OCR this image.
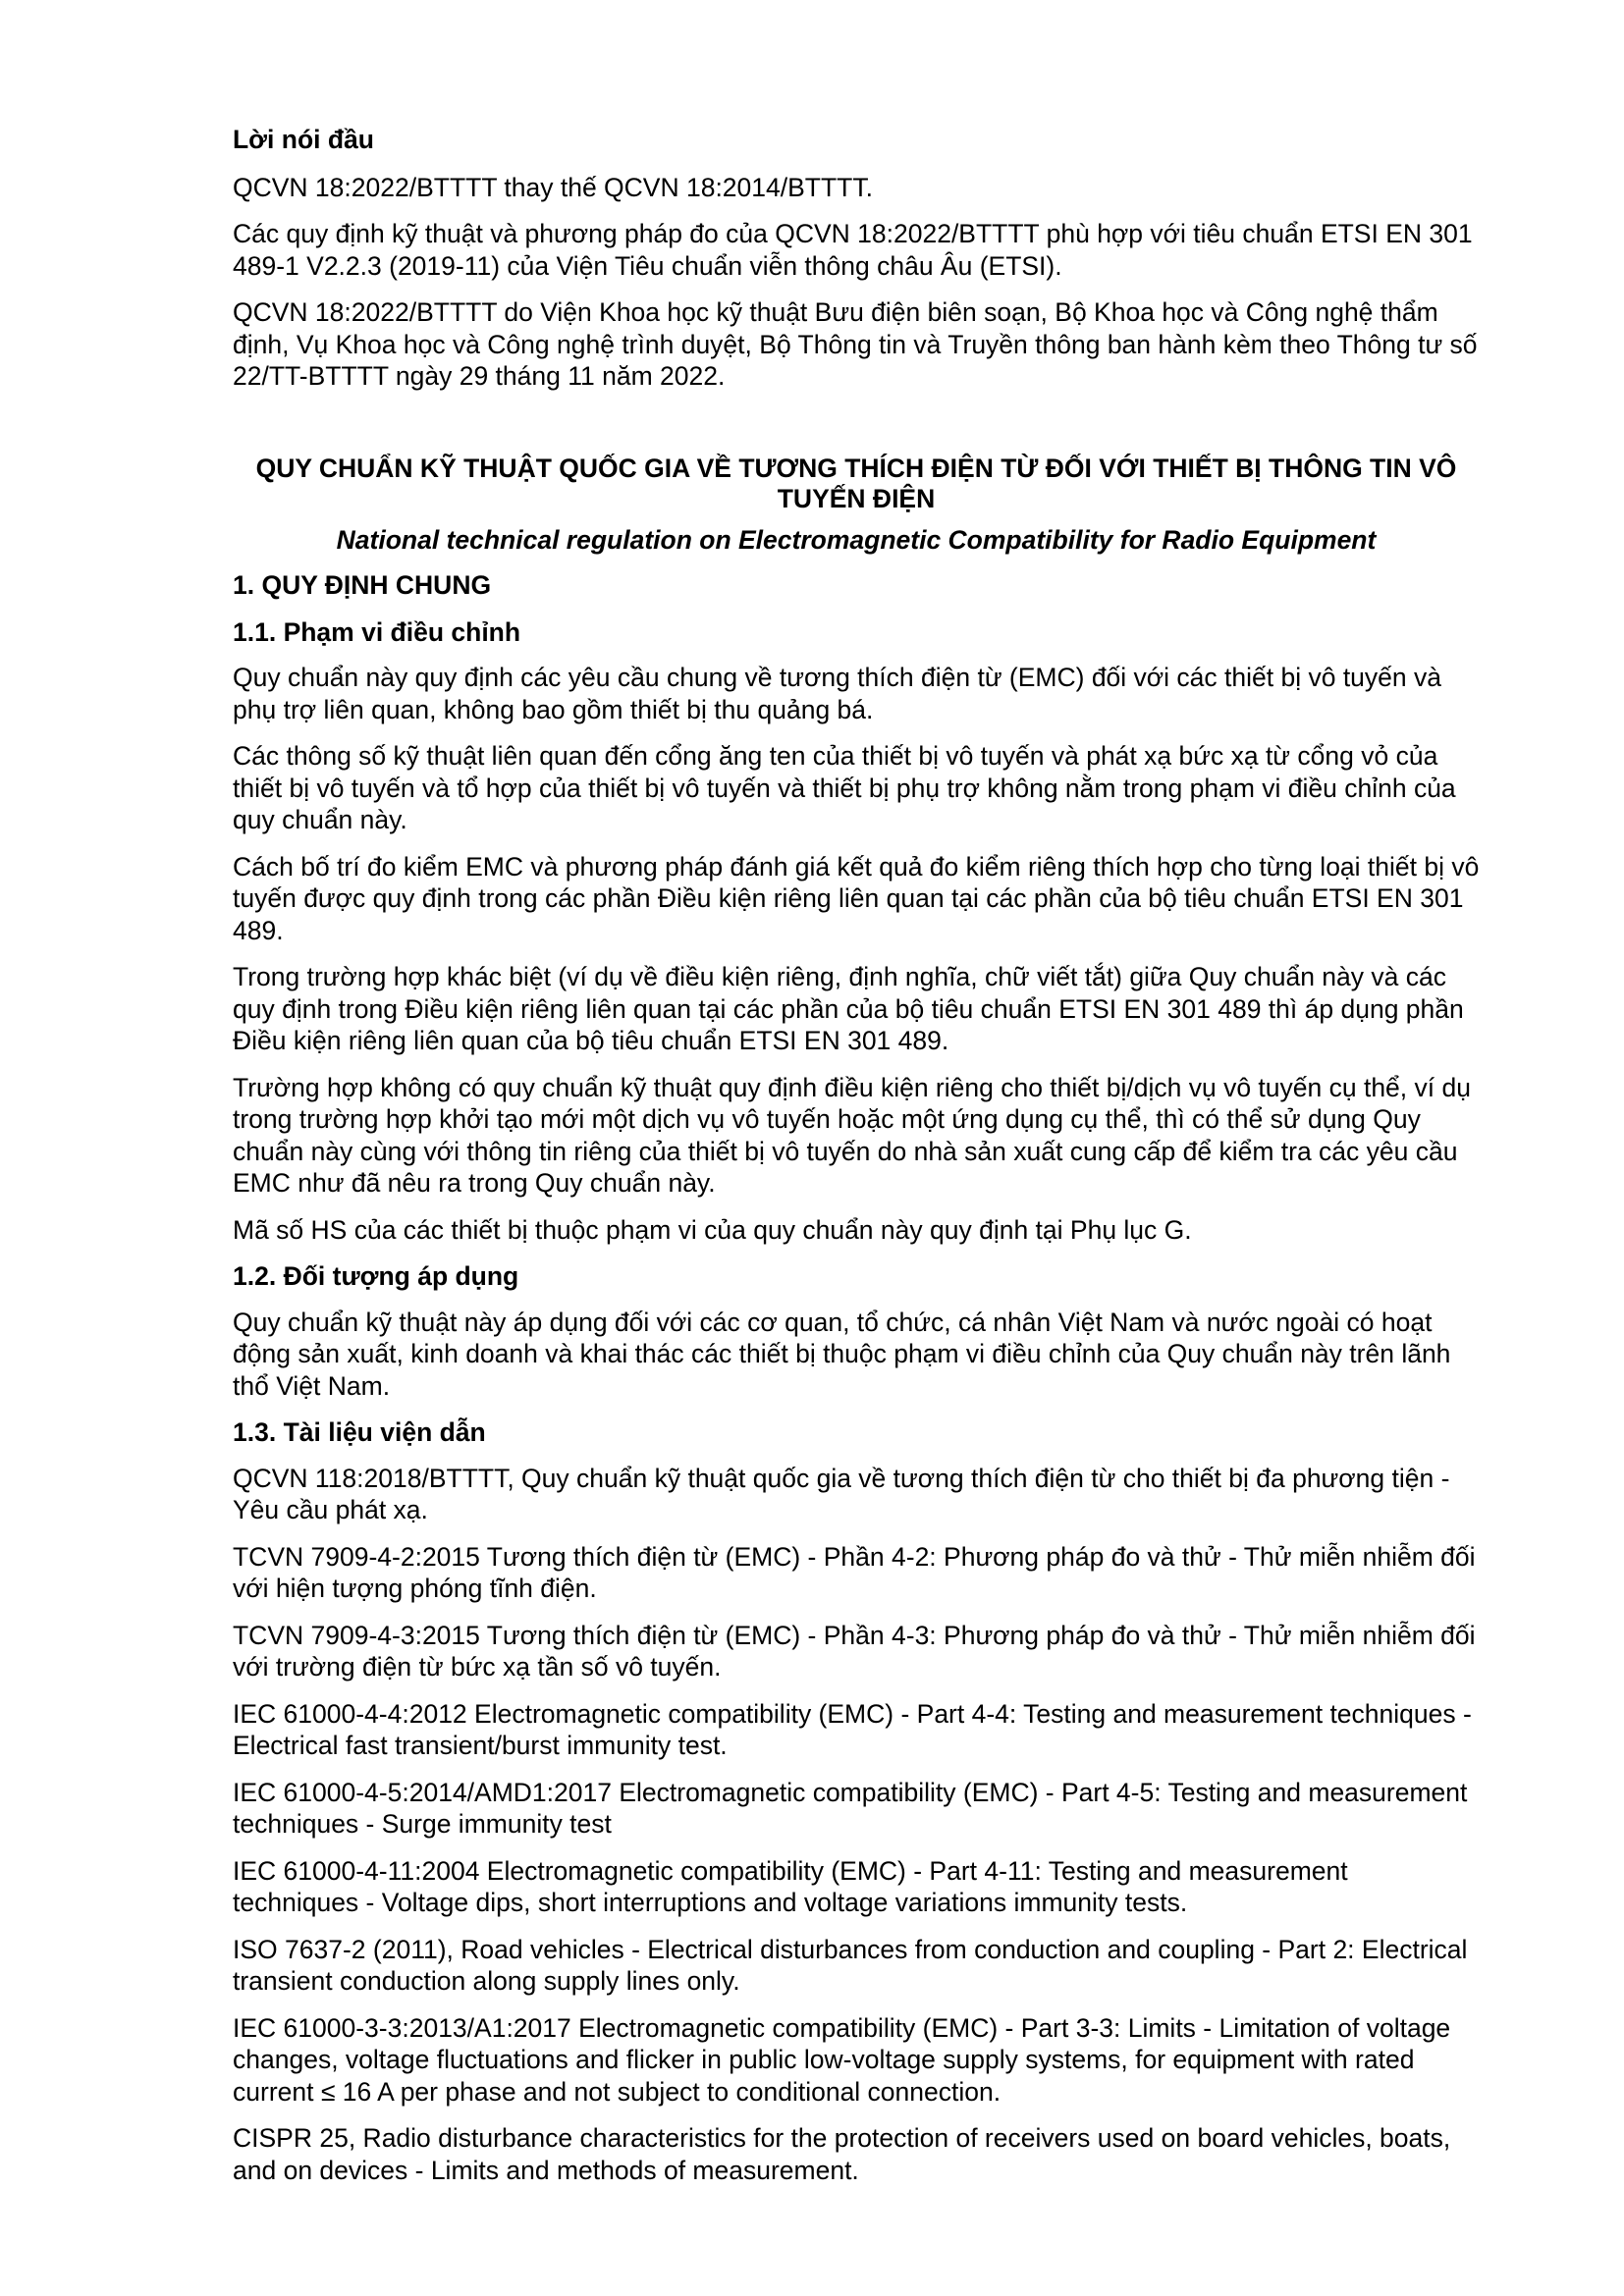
Lời nói đầu

QCVN 18:2022/BTTTT thay thế QCVN 18:2014/BTTTT.

Các quy định kỹ thuật và phương pháp đo của QCVN 18:2022/BTTTT phù hợp với tiêu chuẩn ETSI EN 301 489-1 V2.2.3 (2019-11) của Viện Tiêu chuẩn viễn thông châu Âu (ETSI).

QCVN 18:2022/BTTTT do Viện Khoa học kỹ thuật Bưu điện biên soạn, Bộ Khoa học và Công nghệ thẩm định, Vụ Khoa học và Công nghệ trình duyệt, Bộ Thông tin và Truyền thông ban hành kèm theo Thông tư số 22/TT-BTTTT ngày 29 tháng 11 năm 2022.

QUY CHUẨN KỸ THUẬT QUỐC GIA VỀ TƯƠNG THÍCH ĐIỆN TỪ ĐỐI VỚI THIẾT BỊ THÔNG TIN VÔ TUYẾN ĐIỆN

National technical regulation on Electromagnetic Compatibility for Radio Equipment

1. QUY ĐỊNH CHUNG

1.1. Phạm vi điều chỉnh

Quy chuẩn này quy định các yêu cầu chung về tương thích điện từ (EMC) đối với các thiết bị vô tuyến và phụ trợ liên quan, không bao gồm thiết bị thu quảng bá.

Các thông số kỹ thuật liên quan đến cổng ăng ten của thiết bị vô tuyến và phát xạ bức xạ từ cổng vỏ của thiết bị vô tuyến và tổ hợp của thiết bị vô tuyến và thiết bị phụ trợ không nằm trong phạm vi điều chỉnh của quy chuẩn này.

Cách bố trí đo kiểm EMC và phương pháp đánh giá kết quả đo kiểm riêng thích hợp cho từng loại thiết bị vô tuyến được quy định trong các phần Điều kiện riêng liên quan tại các phần của bộ tiêu chuẩn ETSI EN 301 489.

Trong trường hợp khác biệt (ví dụ về điều kiện riêng, định nghĩa, chữ viết tắt) giữa Quy chuẩn này và các quy định trong Điều kiện riêng liên quan tại các phần của bộ tiêu chuẩn ETSI EN 301 489 thì áp dụng phần Điều kiện riêng liên quan của bộ tiêu chuẩn ETSI EN 301 489.

Trường hợp không có quy chuẩn kỹ thuật quy định điều kiện riêng cho thiết bị/dịch vụ vô tuyến cụ thể, ví dụ trong trường hợp khởi tạo mới một dịch vụ vô tuyến hoặc một ứng dụng cụ thể, thì có thể sử dụng Quy chuẩn này cùng với thông tin riêng của thiết bị vô tuyến do nhà sản xuất cung cấp để kiểm tra các yêu cầu EMC như đã nêu ra trong Quy chuẩn này.

Mã số HS của các thiết bị thuộc phạm vi của quy chuẩn này quy định tại Phụ lục G.

1.2. Đối tượng áp dụng

Quy chuẩn kỹ thuật này áp dụng đối với các cơ quan, tổ chức, cá nhân Việt Nam và nước ngoài có hoạt động sản xuất, kinh doanh và khai thác các thiết bị thuộc phạm vi điều chỉnh của Quy chuẩn này trên lãnh thổ Việt Nam.

1.3. Tài liệu viện dẫn

QCVN 118:2018/BTTTT, Quy chuẩn kỹ thuật quốc gia về tương thích điện từ cho thiết bị đa phương tiện - Yêu cầu phát xạ.

TCVN 7909-4-2:2015 Tương thích điện từ (EMC) - Phần 4-2: Phương pháp đo và thử - Thử miễn nhiễm đối với hiện tượng phóng tĩnh điện.

TCVN 7909-4-3:2015 Tương thích điện từ (EMC) - Phần 4-3: Phương pháp đo và thử - Thử miễn nhiễm đối với trường điện từ bức xạ tần số vô tuyến.

IEC 61000-4-4:2012 Electromagnetic compatibility (EMC) - Part 4-4: Testing and measurement techniques - Electrical fast transient/burst immunity test.

IEC 61000-4-5:2014/AMD1:2017 Electromagnetic compatibility (EMC) - Part 4-5: Testing and measurement techniques - Surge immunity test

IEC 61000-4-11:2004 Electromagnetic compatibility (EMC) - Part 4-11: Testing and measurement techniques - Voltage dips, short interruptions and voltage variations immunity tests.

ISO 7637-2 (2011), Road vehicles - Electrical disturbances from conduction and coupling - Part 2: Electrical transient conduction along supply lines only.

IEC 61000-3-3:2013/A1:2017 Electromagnetic compatibility (EMC) - Part 3-3: Limits - Limitation of voltage changes, voltage fluctuations and flicker in public low-voltage supply systems, for equipment with rated current ≤ 16 A per phase and not subject to conditional connection.

CISPR 25, Radio disturbance characteristics for the protection of receivers used on board vehicles, boats, and on devices - Limits and methods of measurement.
